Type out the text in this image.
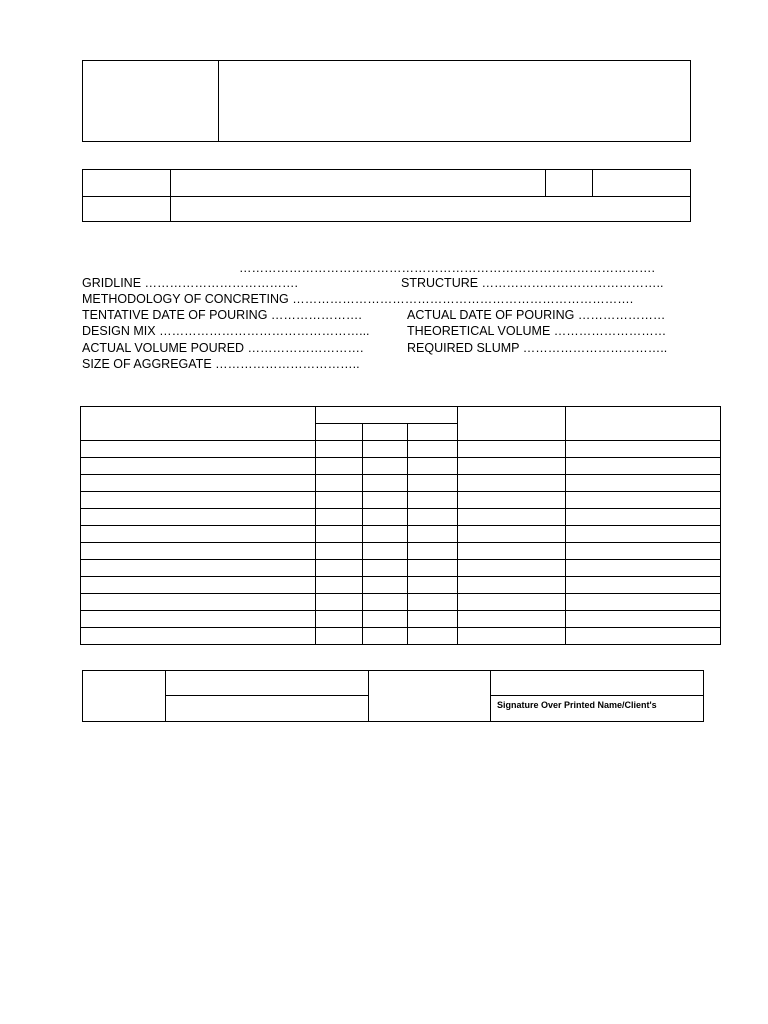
……………………………………………………………………………………….
GRIDLINE ……………………………….	STRUCTURE ……………………………………..
METHODOLOGY OF CONCRETING ……………………………………………………………………….
TENTATIVE DATE OF POURING ………………….	ACTUAL DATE OF POURING …………………
DESIGN MIX …………………………………………...	THEORETICAL VOLUME ………………………
ACTUAL VOLUME POURED ……………………….	REQUIRED SLUMP ……………………………..
SIZE OF AGGREGATE ……………………………..

			Signature Over Printed Name/Client's
